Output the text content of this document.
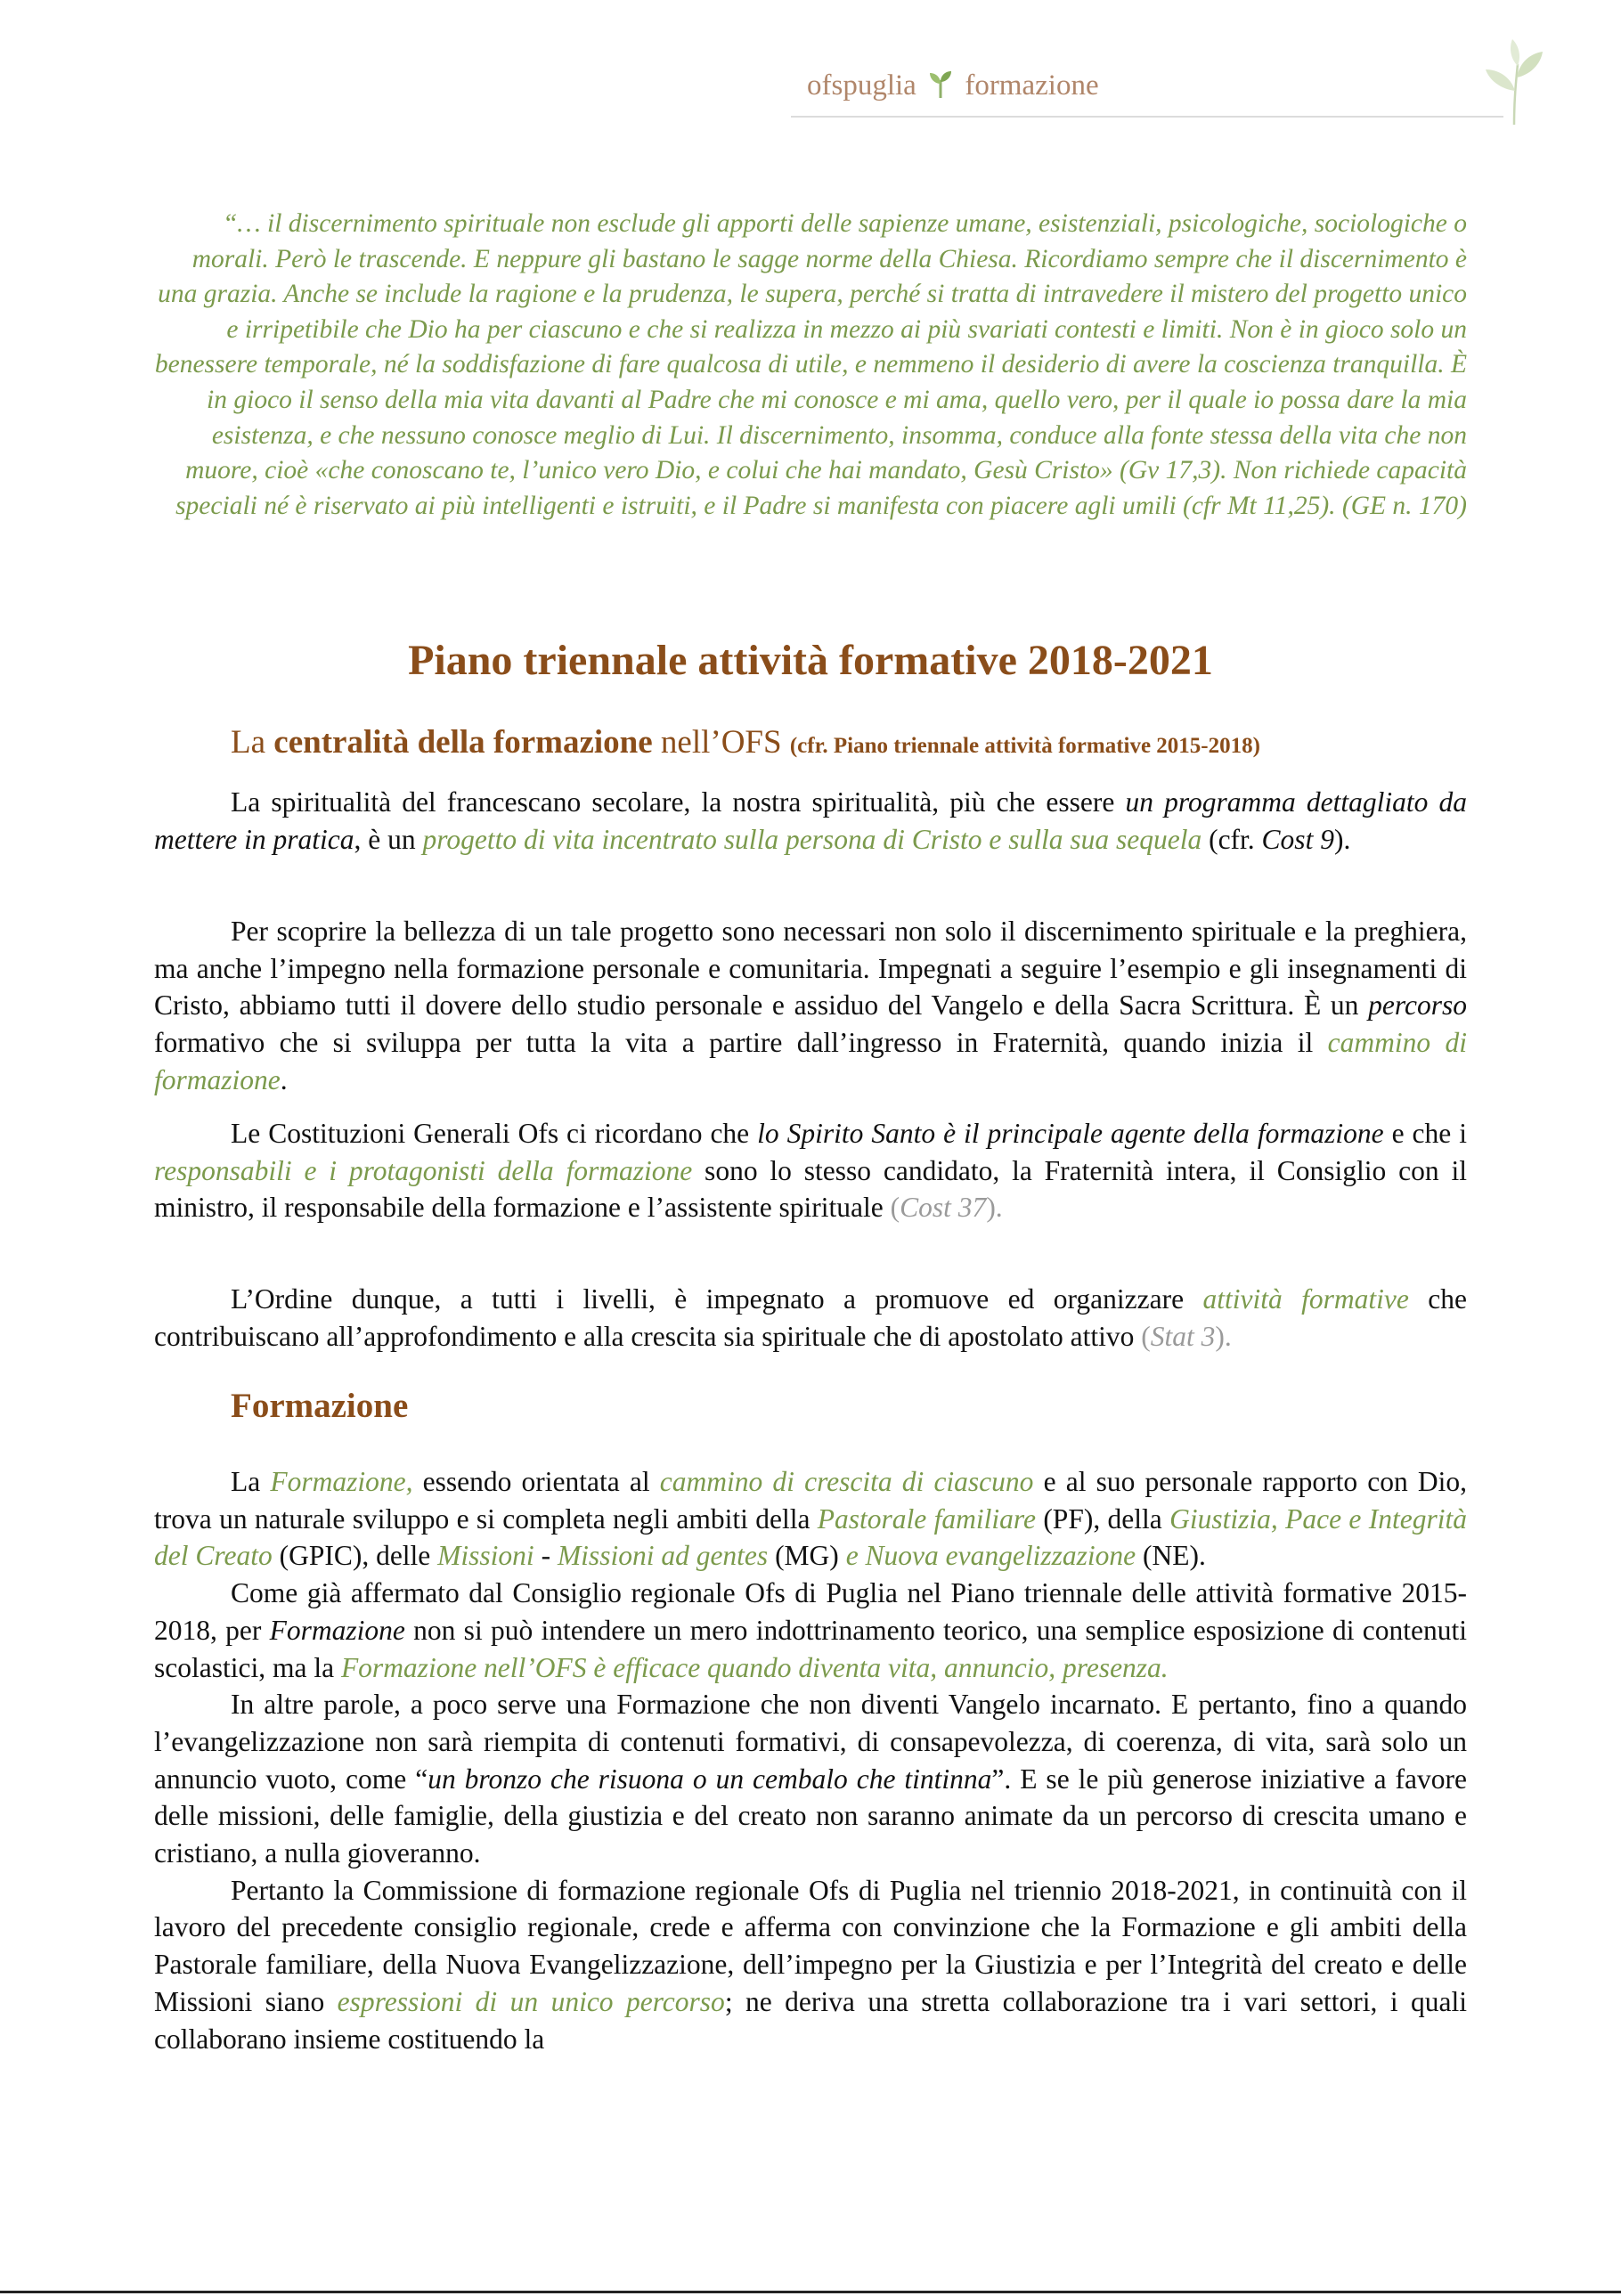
ofspuglia formazione
“… il discernimento spirituale non esclude gli apporti delle sapienze umane, esistenziali, psicologiche, sociologiche o morali. Però le trascende. E neppure gli bastano le sagge norme della Chiesa. Ricordiamo sempre che il discernimento è una grazia. Anche se include la ragione e la prudenza, le supera, perché si tratta di intravedere il mistero del progetto unico e irripetibile che Dio ha per ciascuno e che si realizza in mezzo ai più svariati contesti e limiti. Non è in gioco solo un benessere temporale, né la soddisfazione di fare qualcosa di utile, e nemmeno il desiderio di avere la coscienza tranquilla. È in gioco il senso della mia vita davanti al Padre che mi conosce e mi ama, quello vero, per il quale io possa dare la mia esistenza, e che nessuno conosce meglio di Lui. Il discernimento, insomma, conduce alla fonte stessa della vita che non muore, cioè «che conoscano te, l’unico vero Dio, e colui che hai mandato, Gesù Cristo» (Gv 17,3). Non richiede capacità speciali né è riservato ai più intelligenti e istruiti, e il Padre si manifesta con piacere agli umili (cfr Mt 11,25). (GE n. 170)
Piano triennale attività formative 2018-2021
La centralità della formazione nell’OFS (cfr. Piano triennale attività formative 2015-2018)

La spiritualità del francescano secolare, la nostra spiritualità, più che essere un programma dettagliato da mettere in pratica, è un progetto di vita incentrato sulla persona di Cristo e sulla sua sequela (cfr. Cost 9).

Per scoprire la bellezza di un tale progetto sono necessari non solo il discernimento spirituale e la preghiera, ma anche l’impegno nella formazione personale e comunitaria. Impegnati a seguire l’esempio e gli insegnamenti di Cristo, abbiamo tutti il dovere dello studio personale e assiduo del Vangelo e della Sacra Scrittura. È un percorso formativo che si sviluppa per tutta la vita a partire dall’ingresso in Fraternità, quando inizia il cammino di formazione.

Le Costituzioni Generali Ofs ci ricordano che lo Spirito Santo è il principale agente della formazione e che i responsabili e i protagonisti della formazione sono lo stesso candidato, la Fraternità intera, il Consiglio con il ministro, il responsabile della formazione e l’assistente spirituale (Cost 37).

L’Ordine dunque, a tutti i livelli, è impegnato a promuove ed organizzare attività formative che contribuiscano all’approfondimento e alla crescita sia spirituale che di apostolato attivo (Stat 3).

Formazione

La Formazione, essendo orientata al cammino di crescita di ciascuno e al suo personale rapporto con Dio, trova un naturale sviluppo e si completa negli ambiti della Pastorale familiare (PF), della Giustizia, Pace e Integrità del Creato (GPIC), delle Missioni - Missioni ad gentes (MG) e Nuova evangelizzazione (NE).

Come già affermato dal Consiglio regionale Ofs di Puglia nel Piano triennale delle attività formative 2015-2018, per Formazione non si può intendere un mero indottrinamento teorico, una semplice esposizione di contenuti scolastici, ma la Formazione nell’OFS è efficace quando diventa vita, annuncio, presenza.

In altre parole, a poco serve una Formazione che non diventi Vangelo incarnato. E pertanto, fino a quando l’evangelizzazione non sarà riempita di contenuti formativi, di consapevolezza, di coerenza, di vita, sarà solo un annuncio vuoto, come “un bronzo che risuona o un cembalo che tintinna”. E se le più generose iniziative a favore delle missioni, delle famiglie, della giustizia e del creato non saranno animate da un percorso di crescita umano e cristiano, a nulla gioveranno.

Pertanto la Commissione di formazione regionale Ofs di Puglia nel triennio 2018-2021, in continuità con il lavoro del precedente consiglio regionale, crede e afferma con convinzione che la Formazione e gli ambiti della Pastorale familiare, della Nuova Evangelizzazione, dell’impegno per la Giustizia e per l’Integrità del creato e delle Missioni siano espressioni di un unico percorso; ne deriva una stretta collaborazione tra i vari settori, i quali collaborano insieme costituendo la
